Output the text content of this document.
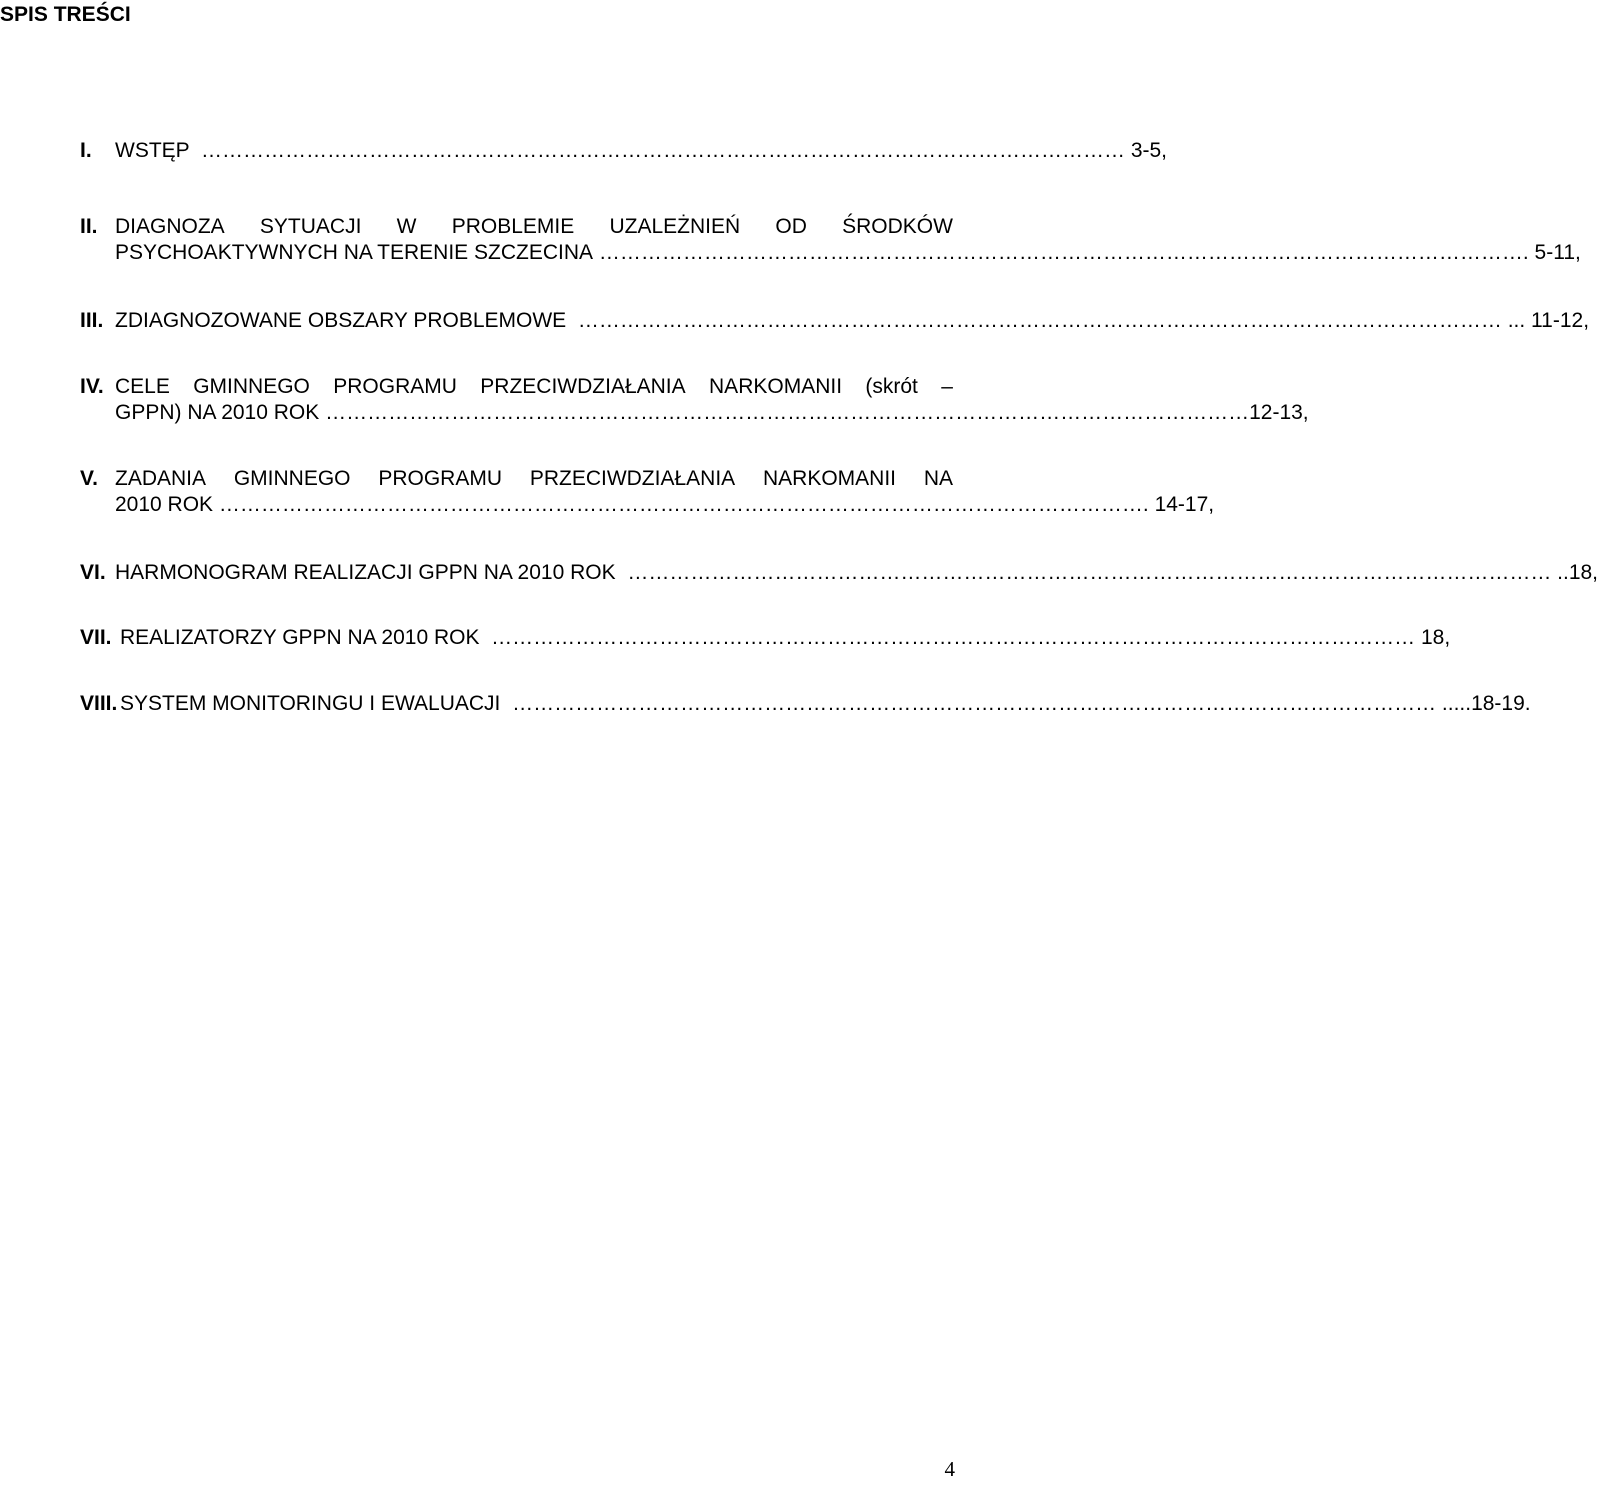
SPIS TREŚCI
I. WSTĘP ……………………………………………………………………………………………………………………	3-5,
II. DIAGNOZA SYTUACJI W PROBLEMIE UZALEŻNIEŃ OD ŚRODKÓW
PSYCHOAKTYWNYCH NA TERENIE SZCZECINA ……………………………………………………………………………………………………………………	. 5-11,
III. ZDIAGNOZOWANE OBSZARY PROBLEMOWE ……………………………………………………………………………………………………………………	... 11-12,
IV. CELE GMINNEGO PROGRAMU PRZECIWDZIAŁANIA NARKOMANII (skrót –
GPPN) NA 2010 ROK ……………………………………………………………………………………………………………………	12-13,
V. ZADANIA GMINNEGO PROGRAMU PRZECIWDZIAŁANIA NARKOMANII NA
2010 ROK ……………………………………………………………………………………………………………………	. 14-17,
VI. HARMONOGRAM REALIZACJI GPPN NA 2010 ROK ……………………………………………………………………………………………………………………	..18,
VII. REALIZATORZY GPPN NA 2010 ROK ……………………………………………………………………………………………………………………	18,
VIII. SYSTEM MONITORINGU I EWALUACJI ……………………………………………………………………………………………………………………	.....18-19.
4
